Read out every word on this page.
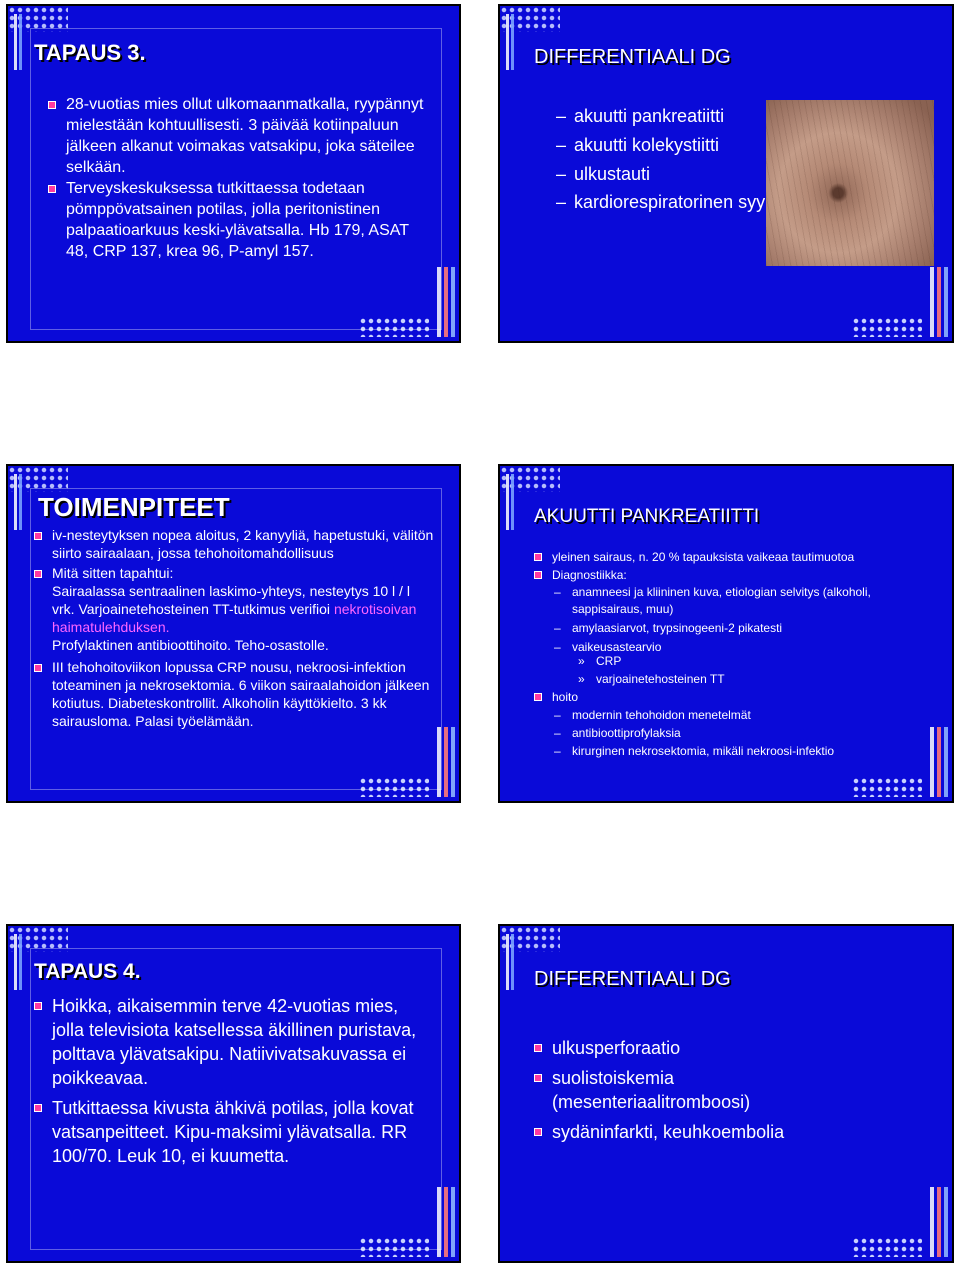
TAPAUS 3.
28-vuotias mies ollut ulkomaanmatkalla, ryypännyt mielestään kohtuullisesti. 3 päivää kotiinpaluun jälkeen alkanut voimakas vatsakipu, joka säteilee selkään.
Terveyskeskuksessa tutkittaessa todetaan pömppövatsainen potilas, jolla peritonistinen palpaatioarkuus keski-ylävatsalla. Hb 179, ASAT 48, CRP 137, krea 96, P-amyl 157.
DIFFERENTIAALI DG
– akuutti pankreatiitti
– akuutti kolekystiitti
– ulkustauti
– kardiorespiratorinen syy
TOIMENPITEET
iv-nesteytyksen nopea aloitus, 2 kanyyliä, hapetustuki, välitön siirto sairaalaan, jossa tehohoitomahdollisuus
Mitä sitten tapahtui:
Sairaalassa sentraalinen laskimo-yhteys, nesteytys 10 l / l vrk. Varjoainetehosteinen TT-tutkimus verifioi nekrotisoivan haimatulehduksen.
Profylaktinen antibioottihoito. Teho-osastolle.
III tehohoitoviikon lopussa CRP nousu, nekroosi-infektion toteaminen ja nekrosektomia. 6 viikon sairaalahoidon jälkeen kotiutus. Diabeteskontrollit. Alkoholin käyttökielto. 3 kk sairausloma. Palasi työelämään.
AKUUTTI PANKREATIITTI
yleinen sairaus, n. 20 % tapauksista vaikeaa tautimuotoa
Diagnostiikka:
– anamneesi ja kliininen kuva, etiologian selvitys (alkoholi, sappisairaus, muu)
– amylaasiarvot, trypsinogeeni-2 pikatesti
– vaikeusastearvio
» CRP
» varjoainetehosteinen TT
hoito
– modernin tehohoidon menetelmät
– antibioottiprofylaksia
– kirurginen nekrosektomia, mikäli nekroosi-infektio
TAPAUS 4.
Hoikka, aikaisemmin terve 42-vuotias mies, jolla televisiota katsellessa äkillinen puristava, polttava ylävatsakipu. Natiivivatsakuvassa ei poikkeavaa.
Tutkittaessa kivusta ähkivä potilas, jolla kovat vatsanpeitteet. Kipu-maksimi ylävatsalla. RR 100/70. Leuk 10, ei kuumetta.
DIFFERENTIAALI DG
ulkusperforaatio
suolistoiskemia (mesenteriaalitromboosi)
sydäninfarkti, keuhkoembolia
